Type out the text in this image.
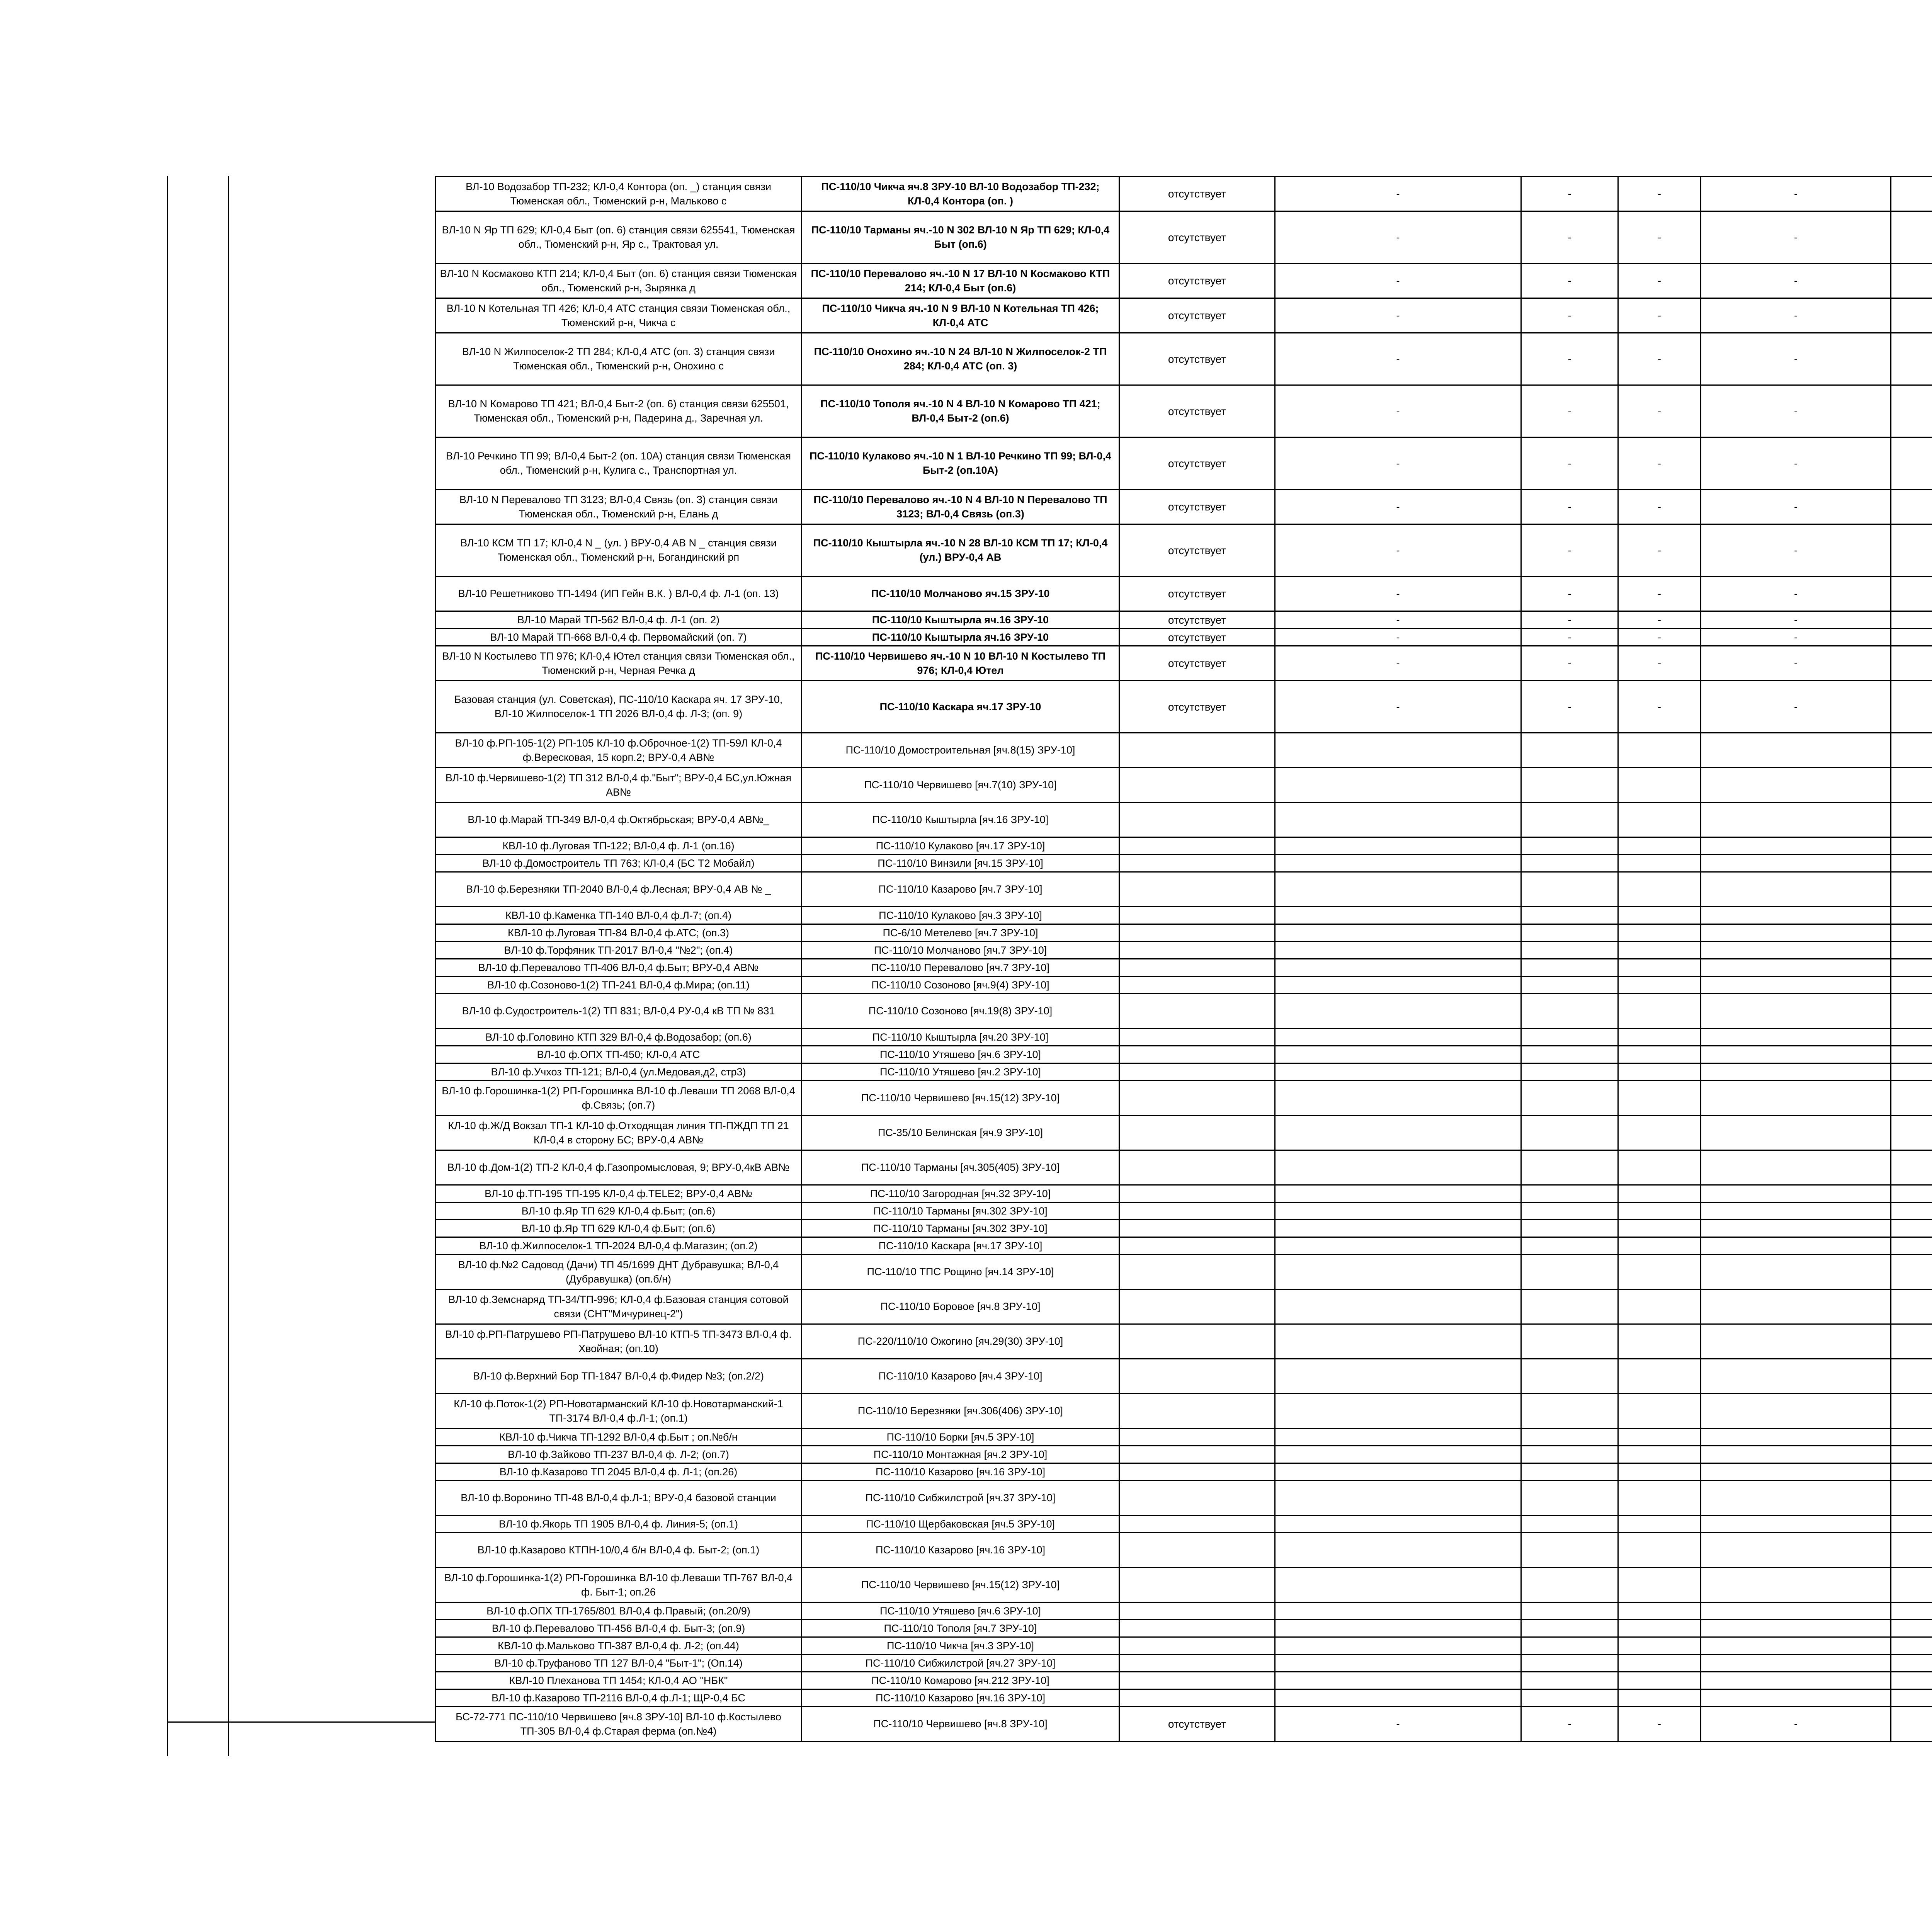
ВЛ-10 Водозабор ТП-232; КЛ-0,4 Контора (оп. _) станция связи Тюменская обл., Тюменский р-н, Мальково с	ПС-110/10 Чикча яч.8 ЗРУ-10 ВЛ-10 Водозабор ТП-232; КЛ-0,4 Контора (оп. )	отсутствует	-	-	-	-		
ВЛ-10 N Яр ТП 629; КЛ-0,4 Быт (оп. 6) станция связи 625541, Тюменская обл., Тюменский р-н, Яр с., Трактовая ул.	ПС-110/10 Тарманы яч.-10 N 302 ВЛ-10 N Яр ТП 629; КЛ-0,4 Быт (оп.6)	отсутствует	-	-	-	-		
ВЛ-10 N Космаково КТП 214; КЛ-0,4 Быт (оп. 6) станция связи Тюменская обл., Тюменский р-н, Зырянка д	ПС-110/10 Перевалово яч.-10 N 17 ВЛ-10 N Космаково КТП 214; КЛ-0,4 Быт (оп.6)	отсутствует	-	-	-	-		
ВЛ-10 N Котельная ТП 426; КЛ-0,4 АТС станция связи Тюменская обл., Тюменский р-н, Чикча с	ПС-110/10 Чикча яч.-10 N 9 ВЛ-10 N Котельная ТП 426; КЛ-0,4 АТС	отсутствует	-	-	-	-		
ВЛ-10 N Жилпоселок-2 ТП 284; КЛ-0,4 АТС (оп. 3) станция связи Тюменская обл., Тюменский р-н, Онохино с	ПС-110/10 Онохино яч.-10 N 24 ВЛ-10 N Жилпоселок-2 ТП 284; КЛ-0,4 АТС (оп. 3)	отсутствует	-	-	-	-		
ВЛ-10 N Комарово ТП 421; ВЛ-0,4 Быт-2 (оп. 6) станция связи 625501, Тюменская обл., Тюменский р-н, Падерина д., Заречная ул.	ПС-110/10 Тополя яч.-10 N 4 ВЛ-10 N Комарово ТП 421; ВЛ-0,4 Быт-2 (оп.6)	отсутствует	-	-	-	-		
ВЛ-10 Речкино ТП 99; ВЛ-0,4 Быт-2 (оп. 10А) станция связи Тюменская обл., Тюменский р-н, Кулига с., Транспортная ул.	ПС-110/10 Кулаково яч.-10 N 1 ВЛ-10 Речкино ТП 99; ВЛ-0,4 Быт-2 (оп.10А)	отсутствует	-	-	-	-		
ВЛ-10 N Перевалово ТП 3123; ВЛ-0,4 Связь (оп. 3) станция связи Тюменская обл., Тюменский р-н, Елань д	ПС-110/10 Перевалово яч.-10 N 4 ВЛ-10 N Перевалово ТП 3123; ВЛ-0,4 Связь (оп.3)	отсутствует	-	-	-	-		
ВЛ-10 КСМ ТП 17; КЛ-0,4 N _ (ул. ) ВРУ-0,4 АВ N _ станция связи Тюменская обл., Тюменский р-н, Богандинский рп	ПС-110/10 Кыштырла яч.-10 N 28 ВЛ-10 КСМ ТП 17; КЛ-0,4 (ул.) ВРУ-0,4 АВ	отсутствует	-	-	-	-		
ВЛ-10 Решетниково ТП-1494 (ИП Гейн В.К. ) ВЛ-0,4 ф. Л-1 (оп. 13)	ПС-110/10 Молчаново яч.15 ЗРУ-10	отсутствует	-	-	-	-		
ВЛ-10 Марай ТП-562 ВЛ-0,4 ф. Л-1 (оп. 2)	ПС-110/10 Кыштырла яч.16 ЗРУ-10	отсутствует	-	-	-	-		
ВЛ-10 Марай ТП-668 ВЛ-0,4 ф. Первомайский (оп. 7)	ПС-110/10 Кыштырла яч.16 ЗРУ-10	отсутствует	-	-	-	-		
ВЛ-10 N Костылево ТП 976; КЛ-0,4 Ютел станция связи Тюменская обл., Тюменский р-н, Черная Речка д	ПС-110/10 Червишево яч.-10 N 10 ВЛ-10 N Костылево ТП 976; КЛ-0,4 Ютел	отсутствует	-	-	-	-		
Базовая станция (ул. Советская), ПС-110/10 Каскара яч. 17 ЗРУ-10, ВЛ-10 Жилпоселок-1 ТП 2026 ВЛ-0,4 ф. Л-3; (оп. 9)	ПС-110/10 Каскара яч.17 ЗРУ-10	отсутствует	-	-	-	-		
ВЛ-10 ф.РП-105-1(2) РП-105 КЛ-10 ф.Оброчное-1(2) ТП-59Л КЛ-0,4 ф.Вересковая, 15 корп.2; ВРУ-0,4 АВ№	ПС-110/10 Домостроительная [яч.8(15) ЗРУ-10]							
ВЛ-10 ф.Червишево-1(2) ТП 312 ВЛ-0,4 ф."Быт"; ВРУ-0,4 БС,ул.Южная АВ№	ПС-110/10 Червишево [яч.7(10) ЗРУ-10]							
ВЛ-10 ф.Марай ТП-349 ВЛ-0,4 ф.Октябрьская; ВРУ-0,4 АВ№_	ПС-110/10 Кыштырла [яч.16 ЗРУ-10]							
КВЛ-10 ф.Луговая ТП-122; ВЛ-0,4 ф. Л-1 (оп.16)	ПС-110/10 Кулаково [яч.17 ЗРУ-10]							
ВЛ-10 ф.Домостроитель ТП 763; КЛ-0,4 (БС Т2 Мобайл)	ПС-110/10 Винзили [яч.15 ЗРУ-10]							
ВЛ-10 ф.Березняки ТП-2040 ВЛ-0,4 ф.Лесная; ВРУ-0,4 АВ № _	ПС-110/10 Казарово [яч.7 ЗРУ-10]							
КВЛ-10 ф.Каменка ТП-140 ВЛ-0,4 ф.Л-7; (оп.4)	ПС-110/10 Кулаково [яч.3 ЗРУ-10]							
КВЛ-10 ф.Луговая ТП-84 ВЛ-0,4 ф.АТС; (оп.3)	ПС-6/10 Метелево [яч.7 ЗРУ-10]							
ВЛ-10 ф.Торфяник ТП-2017 ВЛ-0,4 "№2"; (оп.4)	ПС-110/10 Молчаново [яч.7 ЗРУ-10]							
ВЛ-10 ф.Перевалово ТП-406 ВЛ-0,4 ф.Быт; ВРУ-0,4 АВ№	ПС-110/10 Перевалово [яч.7 ЗРУ-10]							
ВЛ-10 ф.Созоново-1(2) ТП-241 ВЛ-0,4 ф.Мира; (оп.11)	ПС-110/10 Созоново [яч.9(4) ЗРУ-10]							
ВЛ-10 ф.Судостроитель-1(2) ТП 831; ВЛ-0,4 РУ-0,4 кВ ТП № 831	ПС-110/10 Созоново [яч.19(8) ЗРУ-10]							
ВЛ-10 ф.Головино КТП 329 ВЛ-0,4 ф.Водозабор; (оп.6)	ПС-110/10 Кыштырла [яч.20 ЗРУ-10]							
ВЛ-10 ф.ОПХ ТП-450; КЛ-0,4 АТС	ПС-110/10 Утяшево [яч.6 ЗРУ-10]							
ВЛ-10 ф.Учхоз ТП-121; ВЛ-0,4 (ул.Медовая,д2, стр3)	ПС-110/10 Утяшево [яч.2 ЗРУ-10]							
ВЛ-10 ф.Горошинка-1(2) РП-Горошинка ВЛ-10 ф.Леваши ТП 2068 ВЛ-0,4 ф.Связь; (оп.7)	ПС-110/10 Червишево [яч.15(12) ЗРУ-10]							
КЛ-10 ф.Ж/Д Вокзал ТП-1 КЛ-10 ф.Отходящая линия ТП-ПЖДП ТП 21 КЛ-0,4 в сторону БС; ВРУ-0,4 АВ№	ПС-35/10 Белинская [яч.9 ЗРУ-10]							
ВЛ-10 ф.Дом-1(2) ТП-2 КЛ-0,4 ф.Газопромысловая, 9; ВРУ-0,4кВ АВ№	ПС-110/10 Тарманы [яч.305(405) ЗРУ-10]							
ВЛ-10 ф.ТП-195 ТП-195 КЛ-0,4 ф.TELE2; ВРУ-0,4 АВ№	ПС-110/10 Загородная [яч.32 ЗРУ-10]							
ВЛ-10 ф.Яр ТП 629 КЛ-0,4 ф.Быт; (оп.6)	ПС-110/10 Тарманы [яч.302 ЗРУ-10]							
ВЛ-10 ф.Яр ТП 629 КЛ-0,4 ф.Быт; (оп.6)	ПС-110/10 Тарманы [яч.302 ЗРУ-10]							
ВЛ-10 ф.Жилпоселок-1 ТП-2024 ВЛ-0,4 ф.Магазин; (оп.2)	ПС-110/10 Каскара [яч.17 ЗРУ-10]							
ВЛ-10 ф.№2 Садовод (Дачи) ТП 45/1699 ДНТ Дубравушка; ВЛ-0,4 (Дубравушка) (оп.б/н)	ПС-110/10 ТПС Рощино [яч.14 ЗРУ-10]							
ВЛ-10 ф.Земснаряд ТП-34/ТП-996; КЛ-0,4 ф.Базовая станция сотовой связи (СНТ"Мичуринец-2")	ПС-110/10 Боровое [яч.8 ЗРУ-10]							
ВЛ-10 ф.РП-Патрушево РП-Патрушево ВЛ-10 КТП-5 ТП-3473 ВЛ-0,4 ф. Хвойная; (оп.10)	ПС-220/110/10 Ожогино [яч.29(30) ЗРУ-10]							
ВЛ-10 ф.Верхний Бор ТП-1847 ВЛ-0,4 ф.Фидер №3; (оп.2/2)	ПС-110/10 Казарово [яч.4 ЗРУ-10]							
КЛ-10 ф.Поток-1(2) РП-Новотарманский КЛ-10 ф.Новотарманский-1 ТП-3174 ВЛ-0,4 ф.Л-1; (оп.1)	ПС-110/10 Березняки [яч.306(406) ЗРУ-10]							
КВЛ-10 ф.Чикча ТП-1292 ВЛ-0,4 ф.Быт ; оп.№б/н	ПС-110/10 Борки [яч.5 ЗРУ-10]							
ВЛ-10 ф.Зайково ТП-237 ВЛ-0,4 ф. Л-2; (оп.7)	ПС-110/10 Монтажная [яч.2 ЗРУ-10]							
ВЛ-10 ф.Казарово ТП 2045 ВЛ-0,4 ф. Л-1; (оп.26)	ПС-110/10 Казарово [яч.16 ЗРУ-10]							
ВЛ-10 ф.Воронино ТП-48 ВЛ-0,4 ф.Л-1; ВРУ-0,4 базовой станции	ПС-110/10 Сибжилстрой [яч.37 ЗРУ-10]							
ВЛ-10 ф.Якорь ТП 1905 ВЛ-0,4 ф. Линия-5; (оп.1)	ПС-110/10 Щербаковская [яч.5 ЗРУ-10]							
ВЛ-10 ф.Казарово КТПН-10/0,4 б/н ВЛ-0,4 ф. Быт-2; (оп.1)	ПС-110/10 Казарово [яч.16 ЗРУ-10]							
ВЛ-10 ф.Горошинка-1(2) РП-Горошинка ВЛ-10 ф.Леваши ТП-767 ВЛ-0,4 ф. Быт-1; оп.26	ПС-110/10 Червишево [яч.15(12) ЗРУ-10]							
ВЛ-10 ф.ОПХ ТП-1765/801 ВЛ-0,4 ф.Правый; (оп.20/9)	ПС-110/10 Утяшево [яч.6 ЗРУ-10]							
ВЛ-10 ф.Перевалово ТП-456 ВЛ-0,4 ф. Быт-3; (оп.9)	ПС-110/10 Тополя [яч.7 ЗРУ-10]							
КВЛ-10 ф.Мальково ТП-387 ВЛ-0,4 ф. Л-2; (оп.44)	ПС-110/10 Чикча [яч.3 ЗРУ-10]							
ВЛ-10 ф.Труфаново ТП 127 ВЛ-0,4 "Быт-1"; (Оп.14)	ПС-110/10 Сибжилстрой [яч.27 ЗРУ-10]							
КВЛ-10 Плеханова ТП 1454; КЛ-0,4 АО "НБК"	ПС-110/10 Комарово [яч.212 ЗРУ-10]							
ВЛ-10 ф.Казарово ТП-2116 ВЛ-0,4 ф.Л-1; ЩР-0,4 БС	ПС-110/10 Казарово [яч.16 ЗРУ-10]							
БС-72-771 ПС-110/10 Червишево [яч.8 ЗРУ-10] ВЛ-10 ф.Костылево ТП-305 ВЛ-0,4 ф.Старая ферма (оп.№4)	ПС-110/10 Червишево [яч.8 ЗРУ-10]	отсутствует	-	-	-	-		
